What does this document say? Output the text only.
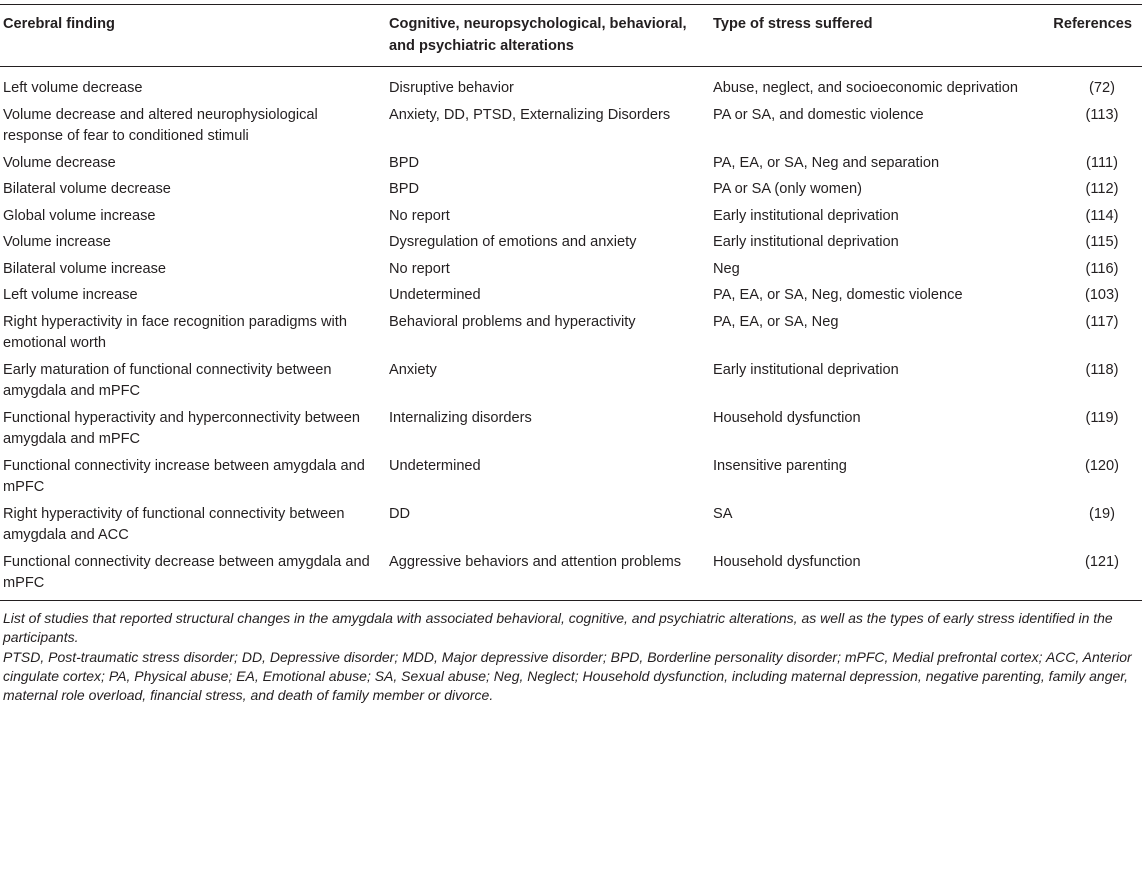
Cerebral finding	Cognitive, neuropsychological, behavioral, and psychiatric alterations	Type of stress suffered	References
Left volume decrease	Disruptive behavior	Abuse, neglect, and socioeconomic deprivation	(72)
Volume decrease and altered neurophysiological response of fear to conditioned stimuli	Anxiety, DD, PTSD, Externalizing Disorders	PA or SA, and domestic violence	(113)
Volume decrease	BPD	PA, EA, or SA, Neg and separation	(111)
Bilateral volume decrease	BPD	PA or SA (only women)	(112)
Global volume increase	No report	Early institutional deprivation	(114)
Volume increase	Dysregulation of emotions and anxiety	Early institutional deprivation	(115)
Bilateral volume increase	No report	Neg	(116)
Left volume increase	Undetermined	PA, EA, or SA, Neg, domestic violence	(103)
Right hyperactivity in face recognition paradigms with emotional worth	Behavioral problems and hyperactivity	PA, EA, or SA, Neg	(117)
Early maturation of functional connectivity between amygdala and mPFC	Anxiety	Early institutional deprivation	(118)
Functional hyperactivity and hyperconnectivity between amygdala and mPFC	Internalizing disorders	Household dysfunction	(119)
Functional connectivity increase between amygdala and mPFC	Undetermined	Insensitive parenting	(120)
Right hyperactivity of functional connectivity between amygdala and ACC	DD	SA	(19)
Functional connectivity decrease between amygdala and mPFC	Aggressive behaviors and attention problems	Household dysfunction	(121)

List of studies that reported structural changes in the amygdala with associated behavioral, cognitive, and psychiatric alterations, as well as the types of early stress identified in the participants.

PTSD, Post-traumatic stress disorder; DD, Depressive disorder; MDD, Major depressive disorder; BPD, Borderline personality disorder; mPFC, Medial prefrontal cortex; ACC, Anterior cingulate cortex; PA, Physical abuse; EA, Emotional abuse; SA, Sexual abuse; Neg, Neglect; Household dysfunction, including maternal depression, negative parenting, family anger, maternal role overload, financial stress, and death of family member or divorce.
